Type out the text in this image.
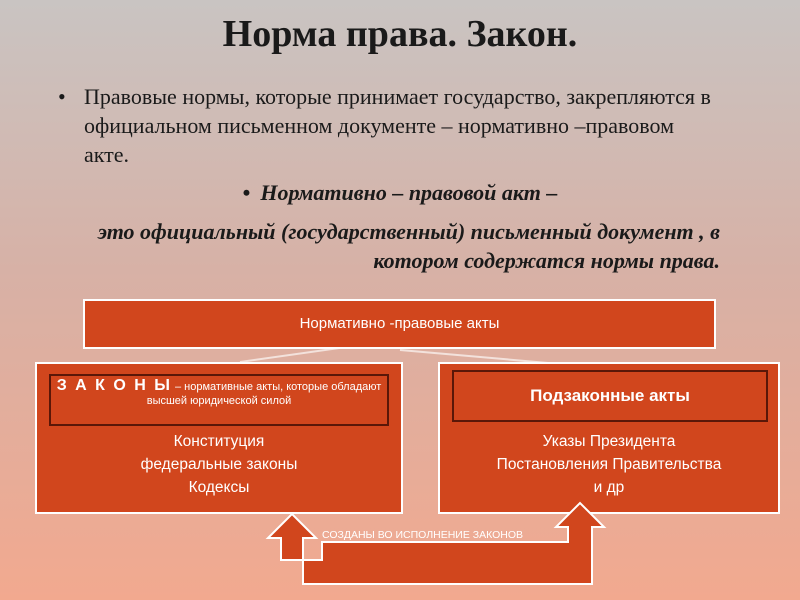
Норма права. Закон.
• Правовые нормы, которые принимает государство, закрепляются в официальном письменном документе – нормативно –правовом акте.
• Нормативно – правовой акт –
это официальный (государственный) письменный документ , в котором содержатся нормы права.
Нормативно -правовые акты
З А К О Н Ы – нормативные акты, которые обладают высшей юридической силой
Конституция
федеральные законы
Кодексы
Подзаконные акты
Указы Президента
Постановления Правительства
и др
СОЗДАНЫ ВО ИСПОЛНЕНИЕ ЗАКОНОВ
